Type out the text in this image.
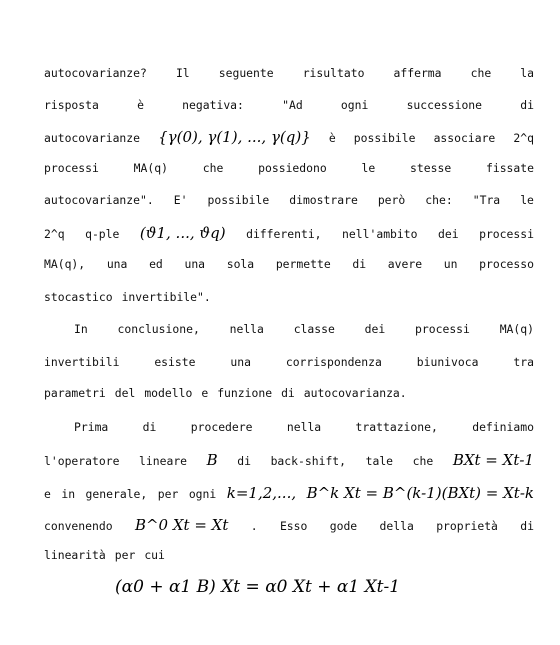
autocovarianze?	Il	seguente	risultato	afferma	che	la
risposta	è	negativa:	"Ad	ogni	successione	di
autocovarianze {γ(0), γ(1), ..., γ(q)} è possibile associare 2^q
processi	MA(q)	che	possiedono	le	stesse	fissate
autocovarianze". E' possibile dimostrare però che: "Tra le
2^q q-ple (ϑ1, ..., ϑq) differenti, nell'ambito dei processi
MA(q), una ed una sola permette di avere un processo
stocastico invertibile".
In	conclusione,	nella	classe	dei	processi	MA(q)
invertibili	esiste	una	corrispondenza	biunivoca	tra
parametri del modello e funzione di autocovarianza.
Prima	di	procedere	nella	trattazione,	definiamo
l'operatore lineare B di back-shift, tale che BXt = Xt-1
e in generale, per ogni k=1,2,..., B^k Xt = B^(k-1)(BXt) = Xt-k
convenendo B^0 Xt = Xt . Esso gode della proprietà di
linearità per cui
(α0 + α1 B) Xt = α0 Xt + α1 Xt-1
